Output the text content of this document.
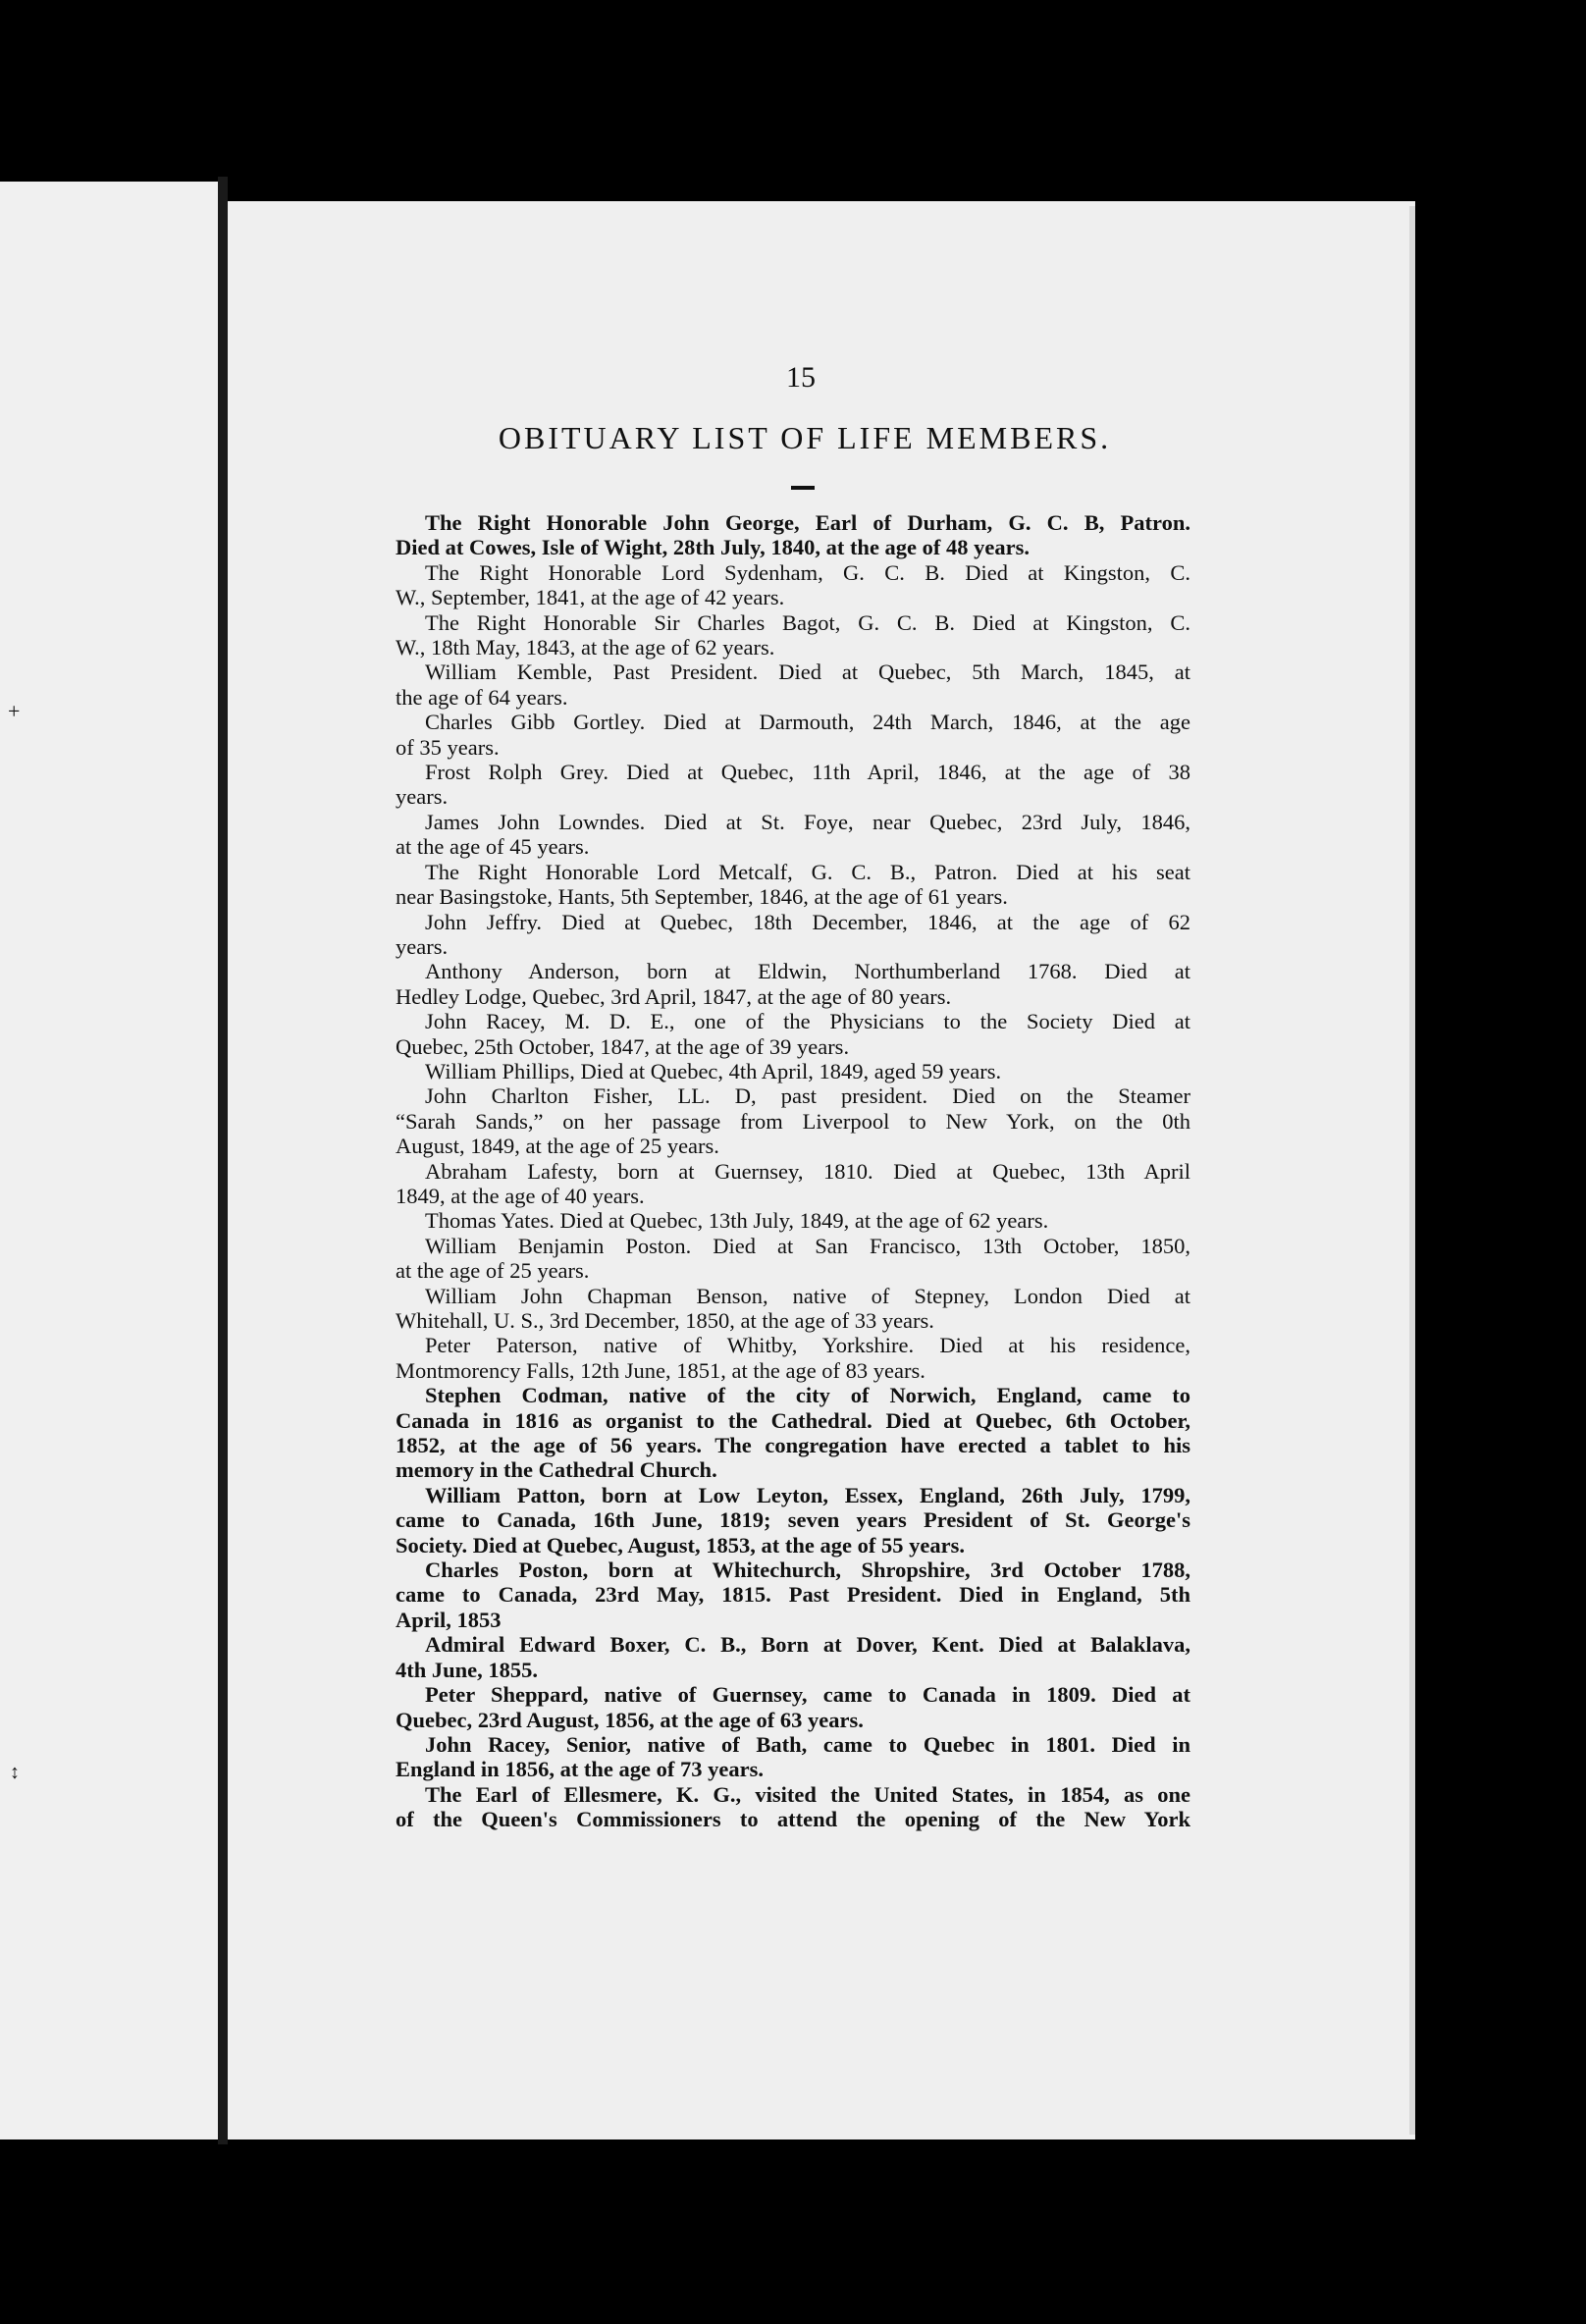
+
↕
15
OBITUARY LIST OF LIFE MEMBERS.
The Right Honorable John George, Earl of Durham, G. C. B, Patron.
Died at Cowes, Isle of Wight, 28th July, 1840, at the age of 48 years.
The Right Honorable Lord Sydenham, G. C. B. Died at Kingston, C.
W., September, 1841, at the age of 42 years.
The Right Honorable Sir Charles Bagot, G. C. B. Died at Kingston, C.
W., 18th May, 1843, at the age of 62 years.
William Kemble, Past President. Died at Quebec, 5th March, 1845, at
the age of 64 years.
Charles Gibb Gortley. Died at Darmouth, 24th March, 1846, at the age
of 35 years.
Frost Rolph Grey. Died at Quebec, 11th April, 1846, at the age of 38
years.
James John Lowndes. Died at St. Foye, near Quebec, 23rd July, 1846,
at the age of 45 years.
The Right Honorable Lord Metcalf, G. C. B., Patron. Died at his seat
near Basingstoke, Hants, 5th September, 1846, at the age of 61 years.
John Jeffry. Died at Quebec, 18th December, 1846, at the age of 62
years.
Anthony Anderson, born at Eldwin, Northumberland 1768. Died at
Hedley Lodge, Quebec, 3rd April, 1847, at the age of 80 years.
John Racey, M. D. E., one of the Physicians to the Society Died at
Quebec, 25th October, 1847, at the age of 39 years.
William Phillips, Died at Quebec, 4th April, 1849, aged 59 years.
John Charlton Fisher, LL. D, past president. Died on the Steamer
“Sarah Sands,” on her passage from Liverpool to New York, on the 0th
August, 1849, at the age of 25 years.
Abraham Lafesty, born at Guernsey, 1810. Died at Quebec, 13th April
1849, at the age of 40 years.
Thomas Yates. Died at Quebec, 13th July, 1849, at the age of 62 years.
William Benjamin Poston. Died at San Francisco, 13th October, 1850,
at the age of 25 years.
William John Chapman Benson, native of Stepney, London Died at
Whitehall, U. S., 3rd December, 1850, at the age of 33 years.
Peter Paterson, native of Whitby, Yorkshire. Died at his residence,
Montmorency Falls, 12th June, 1851, at the age of 83 years.
Stephen Codman, native of the city of Norwich, England, came to
Canada in 1816 as organist to the Cathedral. Died at Quebec, 6th October,
1852, at the age of 56 years. The congregation have erected a tablet to his
memory in the Cathedral Church.
William Patton, born at Low Leyton, Essex, England, 26th July, 1799,
came to Canada, 16th June, 1819; seven years President of St. George's
Society. Died at Quebec, August, 1853, at the age of 55 years.
Charles Poston, born at Whitechurch, Shropshire, 3rd October 1788,
came to Canada, 23rd May, 1815. Past President. Died in England, 5th
April, 1853
Admiral Edward Boxer, C. B., Born at Dover, Kent. Died at Balaklava,
4th June, 1855.
Peter Sheppard, native of Guernsey, came to Canada in 1809. Died at
Quebec, 23rd August, 1856, at the age of 63 years.
John Racey, Senior, native of Bath, came to Quebec in 1801. Died in
England in 1856, at the age of 73 years.
The Earl of Ellesmere, K. G., visited the United States, in 1854, as one
of the Queen's Commissioners to attend the opening of the New York
